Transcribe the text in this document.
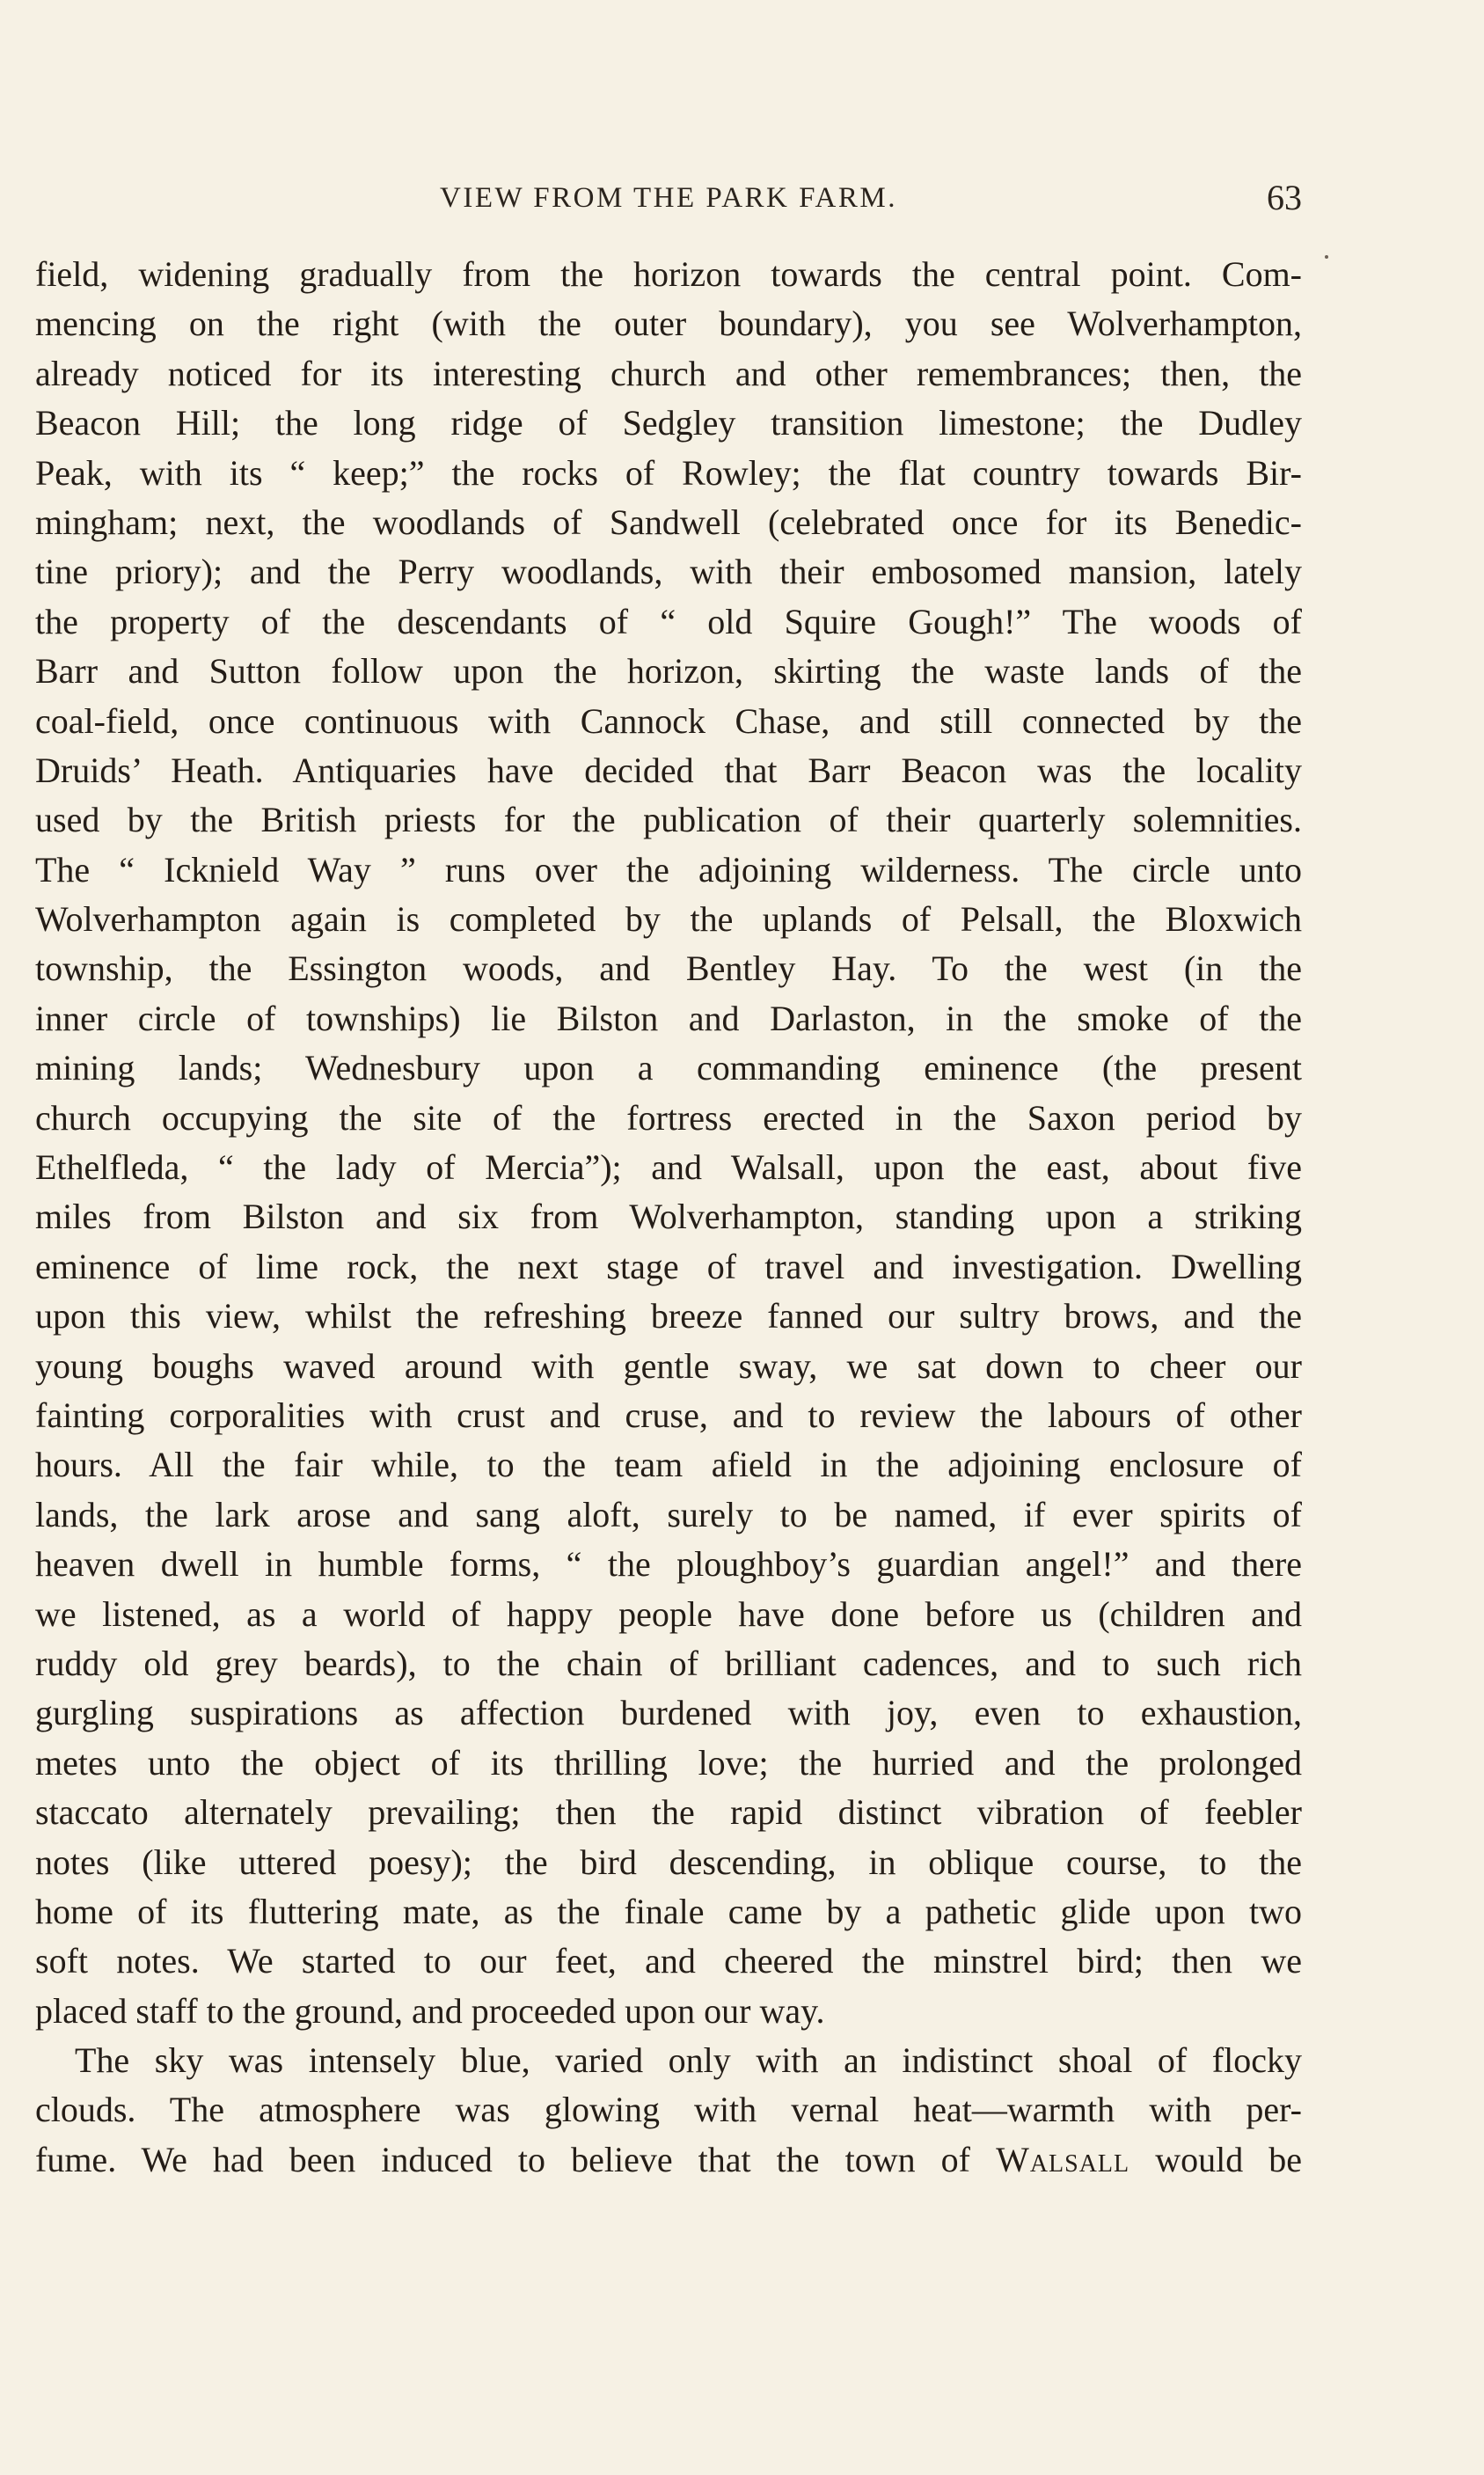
VIEW FROM THE PARK FARM.	63
field, widening gradually from the horizon towards the central point. Com-
mencing on the right (with the outer boundary), you see Wolverhampton,
already noticed for its interesting church and other remembrances; then, the
Beacon Hill; the long ridge of Sedgley transition limestone; the Dudley
Peak, with its “ keep;” the rocks of Rowley; the flat country towards Bir-
mingham; next, the woodlands of Sandwell (celebrated once for its Benedic-
tine priory); and the Perry woodlands, with their embosomed mansion, lately
the property of the descendants of “ old Squire Gough!” The woods of
Barr and Sutton follow upon the horizon, skirting the waste lands of the
coal-field, once continuous with Cannock Chase, and still connected by the
Druids’ Heath. Antiquaries have decided that Barr Beacon was the locality
used by the British priests for the publication of their quarterly solemnities.
The “ Icknield Way ” runs over the adjoining wilderness. The circle unto
Wolverhampton again is completed by the uplands of Pelsall, the Bloxwich
township, the Essington woods, and Bentley Hay. To the west (in the
inner circle of townships) lie Bilston and Darlaston, in the smoke of the
mining lands; Wednesbury upon a commanding eminence (the present
church occupying the site of the fortress erected in the Saxon period by
Ethelfleda, “ the lady of Mercia”); and Walsall, upon the east, about five
miles from Bilston and six from Wolverhampton, standing upon a striking
eminence of lime rock, the next stage of travel and investigation. Dwelling
upon this view, whilst the refreshing breeze fanned our sultry brows, and the
young boughs waved around with gentle sway, we sat down to cheer our
fainting corporalities with crust and cruse, and to review the labours of other
hours. All the fair while, to the team afield in the adjoining enclosure of
lands, the lark arose and sang aloft, surely to be named, if ever spirits of
heaven dwell in humble forms, “ the ploughboy’s guardian angel!” and there
we listened, as a world of happy people have done before us (children and
ruddy old grey beards), to the chain of brilliant cadences, and to such rich
gurgling suspirations as affection burdened with joy, even to exhaustion,
metes unto the object of its thrilling love; the hurried and the prolonged
staccato alternately prevailing; then the rapid distinct vibration of feebler
notes (like uttered poesy); the bird descending, in oblique course, to the
home of its fluttering mate, as the finale came by a pathetic glide upon two
soft notes. We started to our feet, and cheered the minstrel bird; then we
placed staff to the ground, and proceeded upon our way.
The sky was intensely blue, varied only with an indistinct shoal of flocky
clouds. The atmosphere was glowing with vernal heat—warmth with per-
fume. We had been induced to believe that the town of Walsall would be
